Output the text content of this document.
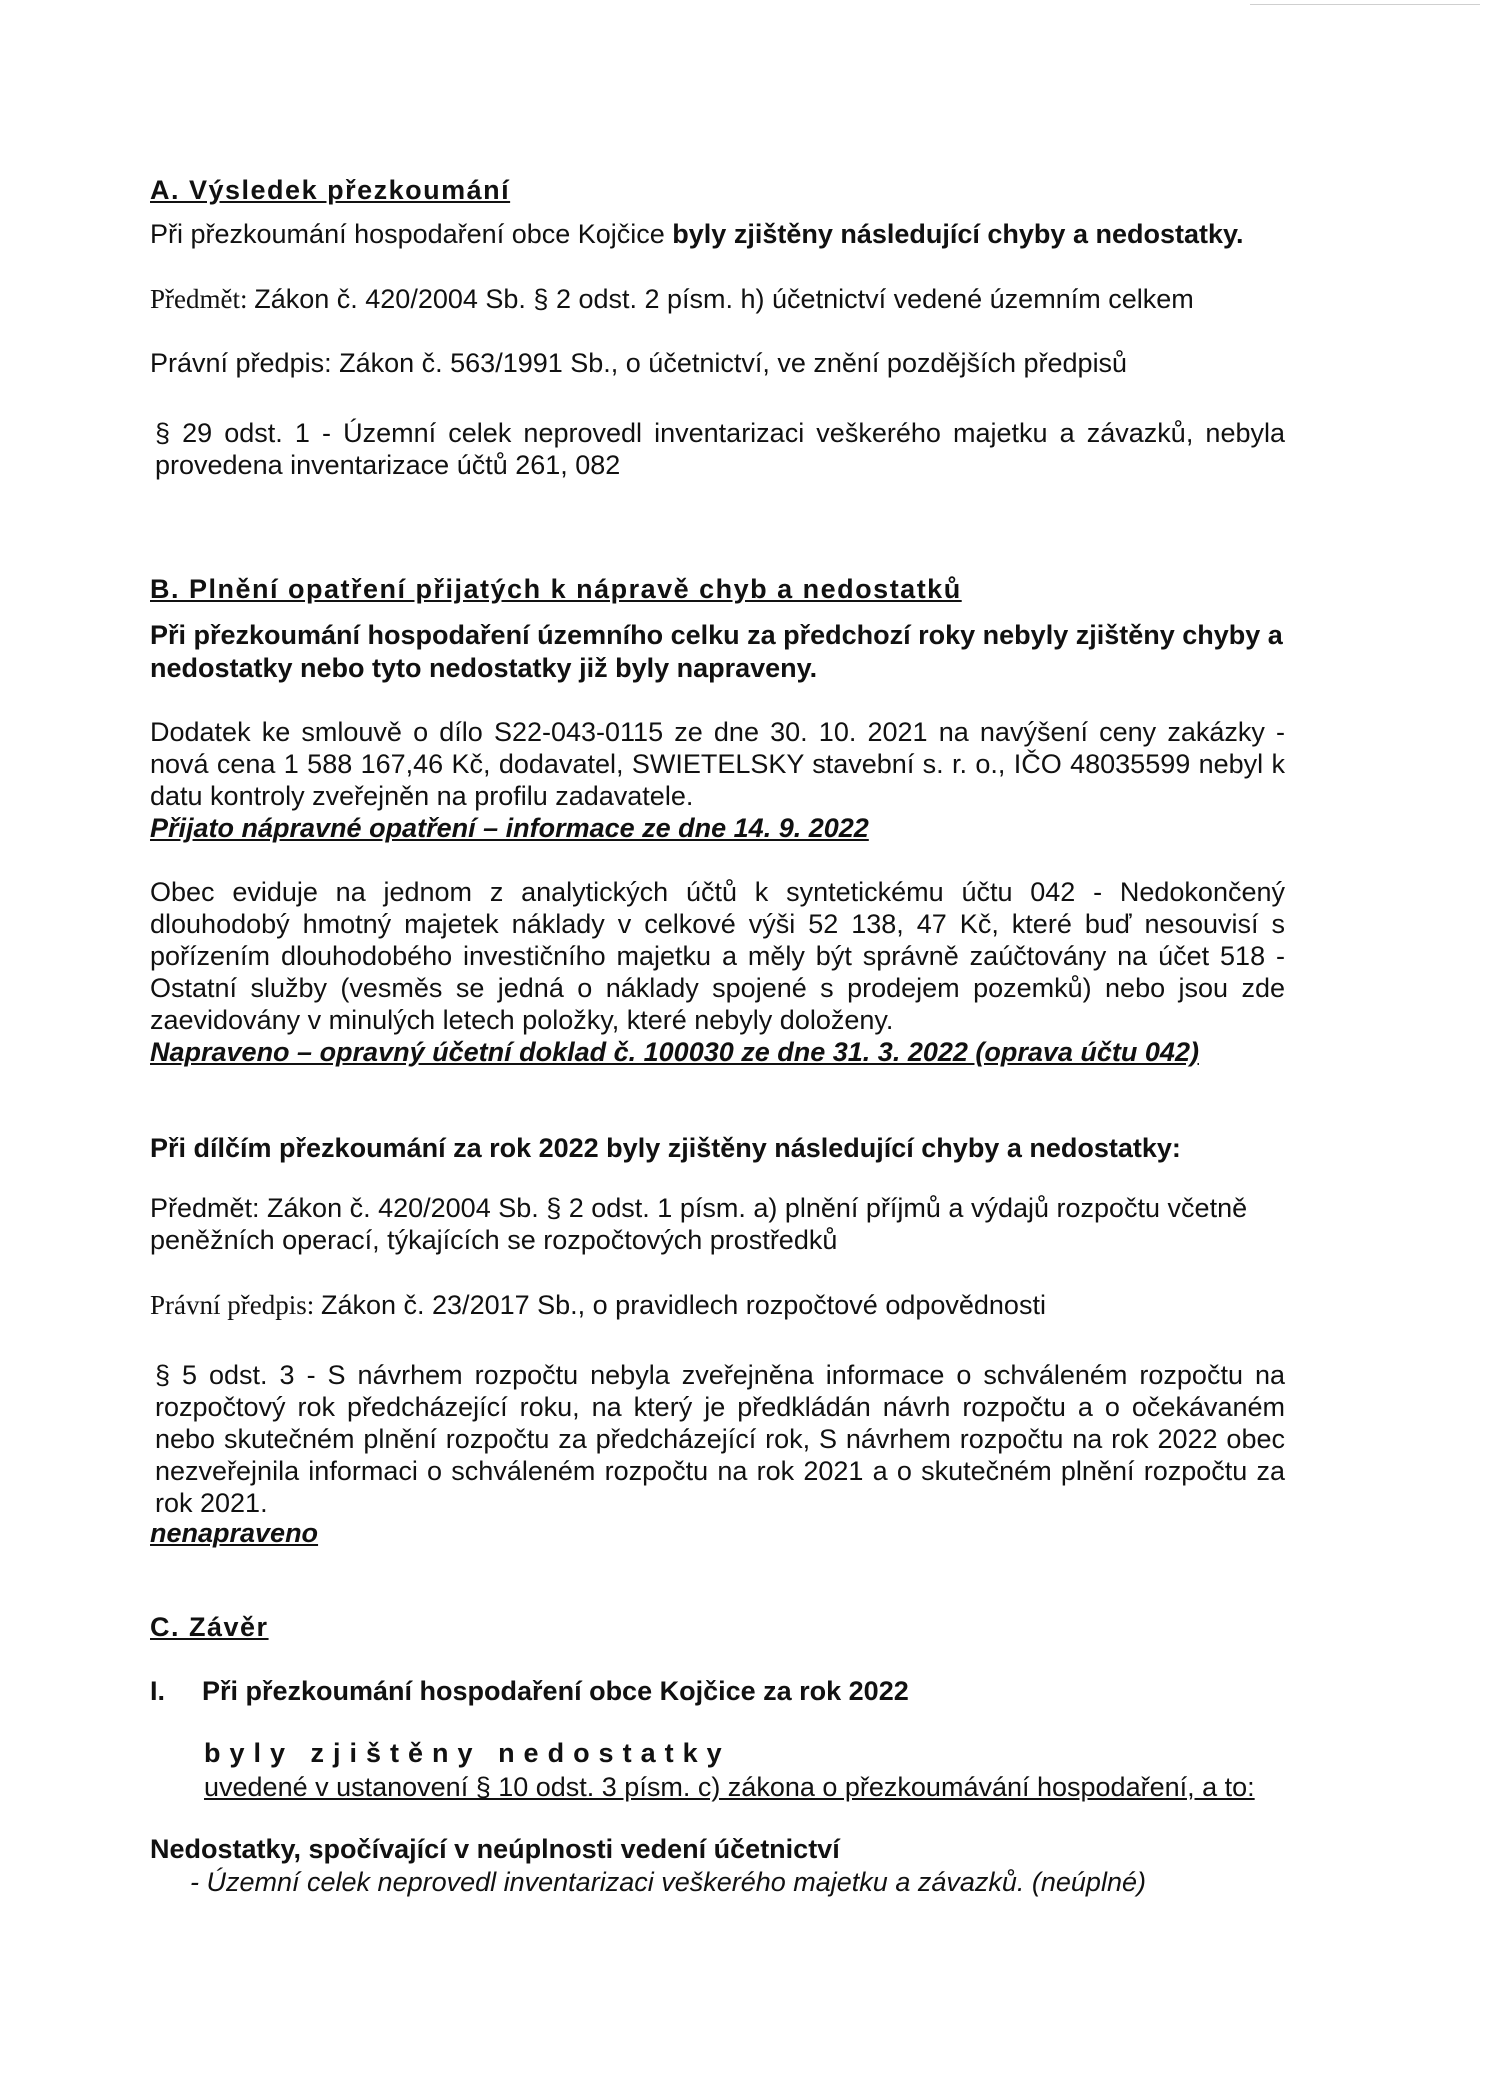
A. Výsledek přezkoumání
Při přezkoumání hospodaření obce Kojčice byly zjištěny následující chyby a nedostatky.
Předmět: Zákon č. 420/2004 Sb. § 2 odst. 2 písm. h) účetnictví vedené územním celkem
Právní předpis: Zákon č. 563/1991 Sb., o účetnictví, ve znění pozdějších předpisů
§ 29 odst. 1 - Územní celek neprovedl inventarizaci veškerého majetku a závazků, nebyla provedena inventarizace účtů 261, 082
B. Plnění opatření přijatých k nápravě chyb a nedostatků
Při přezkoumání hospodaření územního celku za předchozí roky nebyly zjištěny chyby a nedostatky nebo tyto nedostatky již byly napraveny.
Dodatek ke smlouvě o dílo S22-043-0115 ze dne 30. 10. 2021 na navýšení ceny zakázky - nová cena 1 588 167,46 Kč, dodavatel, SWIETELSKY stavební s. r. o., IČO 48035599 nebyl k datu kontroly zveřejněn na profilu zadavatele.
Přijato nápravné opatření – informace ze dne 14. 9. 2022
Obec eviduje na jednom z analytických účtů k syntetickému účtu 042 - Nedokončený dlouhodobý hmotný majetek náklady v celkové výši 52 138, 47 Kč, které buď nesouvisí s pořízením dlouhodobého investičního majetku a měly být správně zaúčtovány na účet 518 - Ostatní služby (vesměs se jedná o náklady spojené s prodejem pozemků) nebo jsou zde zaevidovány v minulých letech položky, které nebyly doloženy.
Napraveno – opravný účetní doklad č. 100030 ze dne 31. 3. 2022 (oprava účtu 042)
Při dílčím přezkoumání za rok 2022 byly zjištěny následující chyby a nedostatky:
Předmět: Zákon č. 420/2004 Sb. § 2 odst. 1 písm. a) plnění příjmů a výdajů rozpočtu včetně peněžních operací, týkajících se rozpočtových prostředků
Právní předpis: Zákon č. 23/2017 Sb., o pravidlech rozpočtové odpovědnosti
§ 5 odst. 3 - S návrhem rozpočtu nebyla zveřejněna informace o schváleném rozpočtu na rozpočtový rok předcházející roku, na který je předkládán návrh rozpočtu a o očekávaném nebo skutečném plnění rozpočtu za předcházející rok, S návrhem rozpočtu na rok 2022 obec nezveřejnila informaci o schváleném rozpočtu na rok 2021 a o skutečném plnění rozpočtu za rok 2021.
nenapraveno
C. Závěr
I. Při přezkoumání hospodaření obce Kojčice za rok 2022
byly zjištěny nedostatky
uvedené v ustanovení § 10 odst. 3 písm. c) zákona o přezkoumávání hospodaření, a to:
Nedostatky, spočívající v neúplnosti vedení účetnictví
- Územní celek neprovedl inventarizaci veškerého majetku a závazků. (neúplné)
